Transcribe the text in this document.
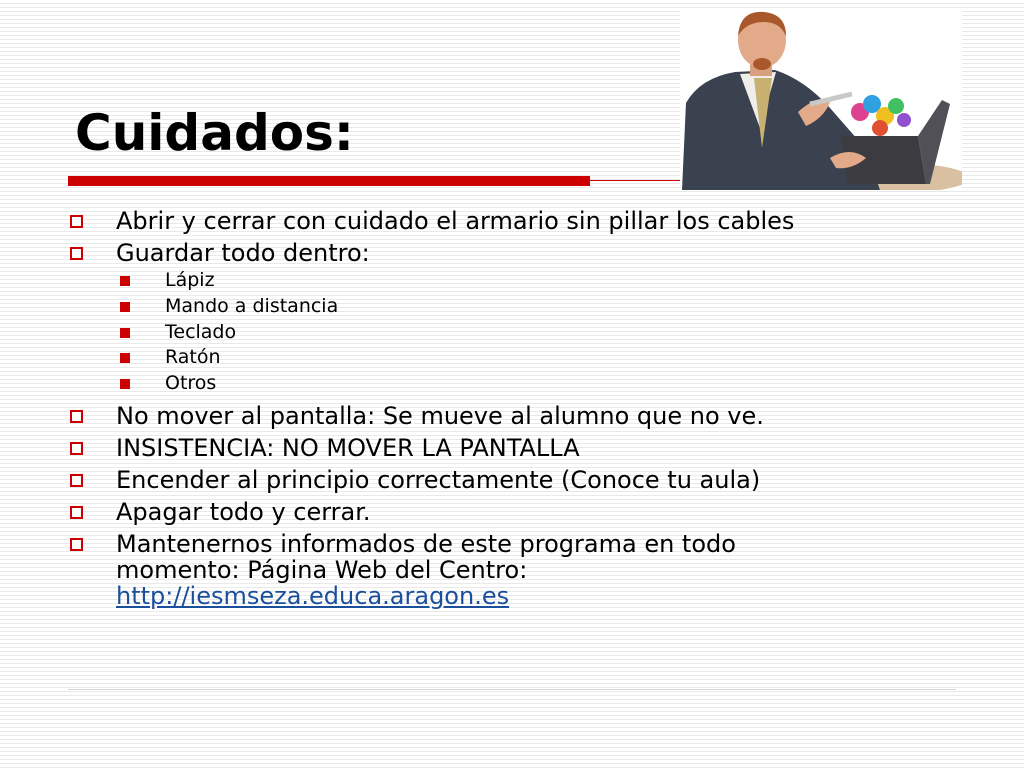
Cuidados:
Abrir y cerrar con cuidado el armario sin pillar los cables
Guardar todo dentro:
Lápiz
Mando a distancia
Teclado
Ratón
Otros
No mover al pantalla: Se mueve al alumno que no ve.
INSISTENCIA: NO MOVER LA PANTALLA
Encender al principio correctamente (Conoce tu aula)
Apagar todo y cerrar.
Mantenernos informados de este programa en todo momento: Página Web del Centro:
http://iesmseza.educa.aragon.es
